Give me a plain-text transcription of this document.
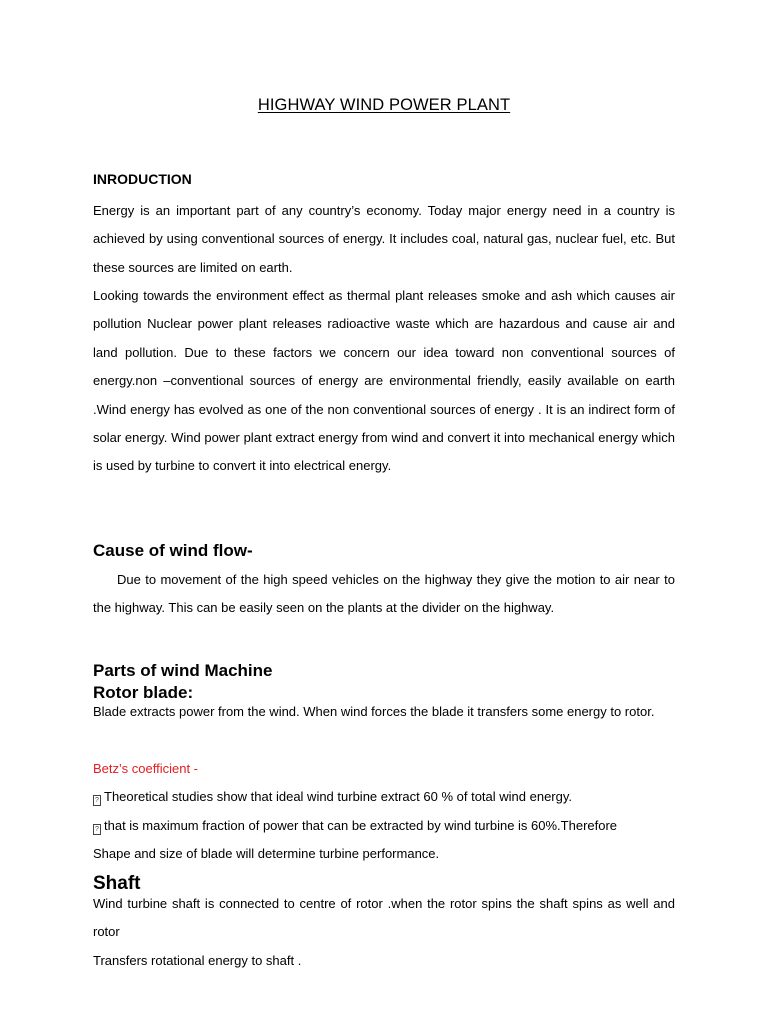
HIGHWAY WIND POWER PLANT
INRODUCTION
Energy is an important part of any country’s economy. Today major energy need in a country is achieved by using conventional sources of energy. It includes coal, natural gas, nuclear fuel, etc. But these sources are limited on earth.
Looking towards the environment effect as thermal plant releases smoke and ash which causes air pollution Nuclear power plant releases radioactive waste which are hazardous and cause air and land pollution. Due to these factors we concern our idea toward non conventional sources of energy.non –conventional sources of energy are environmental friendly, easily available on earth .Wind energy has evolved as one of the non conventional sources of energy . It is an indirect form of solar energy. Wind power plant extract energy from wind and convert it into mechanical energy which is used by turbine to convert it into electrical energy.
Cause of wind flow-
Due to movement of the high speed vehicles on the highway they give the motion to air near to the highway. This can be easily seen on the plants at the divider on the highway.
Parts of wind Machine
Rotor blade:
Blade extracts power from the wind. When wind forces the blade it transfers some energy to rotor.
Betz’s coefficient -
? Theoretical studies show that ideal wind turbine extract 60 % of total wind energy.
? that is maximum fraction of power that can be extracted by wind turbine is 60%.Therefore
Shape and size of blade will determine turbine performance.
Shaft
Wind turbine shaft is connected to centre of rotor .when the rotor spins the shaft spins as well and rotor
Transfers rotational energy to shaft .
